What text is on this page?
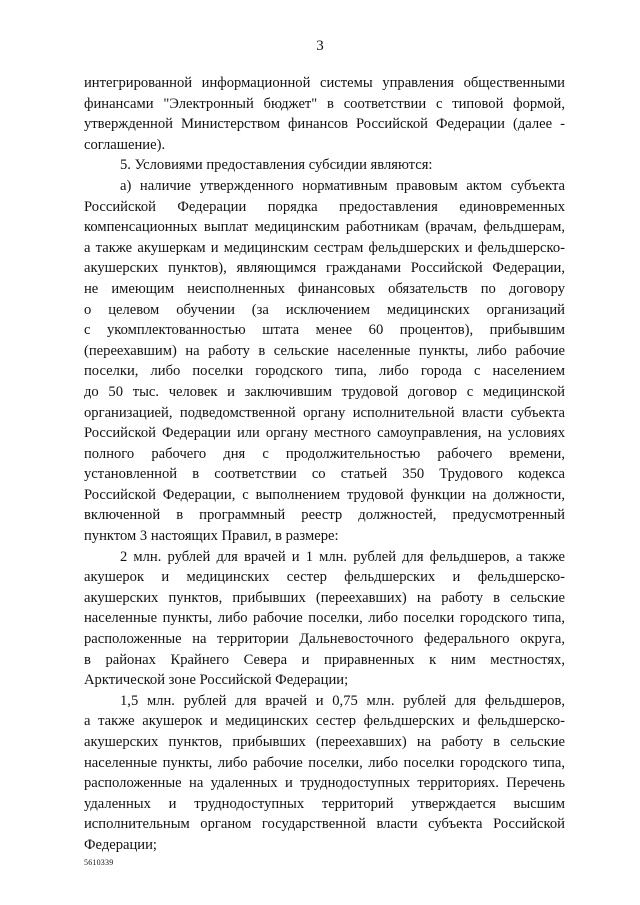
3
интегрированной информационной системы управления общественными
финансами "Электронный бюджет" в соответствии с типовой формой,
утвержденной Министерством финансов Российской Федерации (далее -
соглашение).
5. Условиями предоставления субсидии являются:
а) наличие утвержденного нормативным правовым актом субъекта
Российской Федерации порядка предоставления единовременных
компенсационных выплат медицинским работникам (врачам, фельдшерам,
а также акушеркам и медицинским сестрам фельдшерских и фельдшерско-
акушерских пунктов), являющимся гражданами Российской Федерации,
не имеющим неисполненных финансовых обязательств по договору
о целевом обучении (за исключением медицинских организаций
с укомплектованностью штата менее 60 процентов), прибывшим
(переехавшим) на работу в сельские населенные пункты, либо рабочие
поселки, либо поселки городского типа, либо города с населением
до 50 тыс. человек и заключившим трудовой договор с медицинской
организацией, подведомственной органу исполнительной власти субъекта
Российской Федерации или органу местного самоуправления, на условиях
полного рабочего дня с продолжительностью рабочего времени,
установленной в соответствии со статьей 350 Трудового кодекса
Российской Федерации, с выполнением трудовой функции на должности,
включенной в программный реестр должностей, предусмотренный
пунктом 3 настоящих Правил, в размере:
2 млн. рублей для врачей и 1 млн. рублей для фельдшеров, а также
акушерок и медицинских сестер фельдшерских и фельдшерско-
акушерских пунктов, прибывших (переехавших) на работу в сельские
населенные пункты, либо рабочие поселки, либо поселки городского типа,
расположенные на территории Дальневосточного федерального округа,
в районах Крайнего Севера и приравненных к ним местностях,
Арктической зоне Российской Федерации;
1,5 млн. рублей для врачей и 0,75 млн. рублей для фельдшеров,
а также акушерок и медицинских сестер фельдшерских и фельдшерско-
акушерских пунктов, прибывших (переехавших) на работу в сельские
населенные пункты, либо рабочие поселки, либо поселки городского типа,
расположенные на удаленных и труднодоступных территориях. Перечень
удаленных и труднодоступных территорий утверждается высшим
исполнительным органом государственной власти субъекта Российской
Федерации;
5610339
